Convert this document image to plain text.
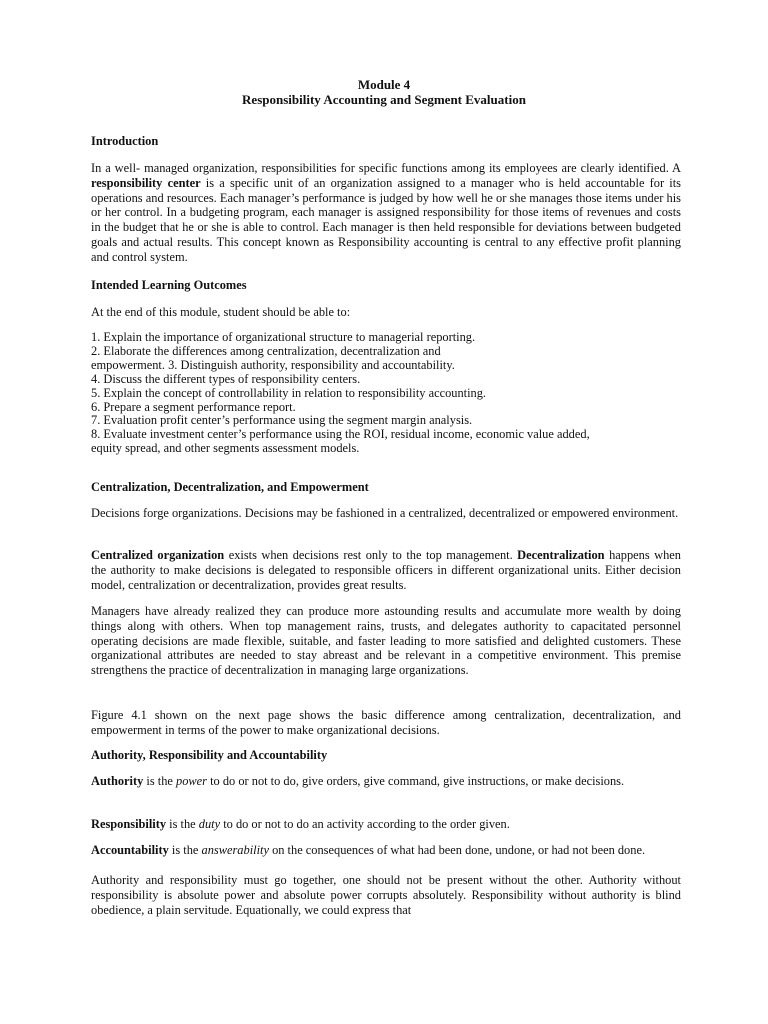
Module 4
Responsibility Accounting and Segment Evaluation
Introduction
In a well- managed organization, responsibilities for specific functions among its employees are clearly identified. A responsibility center is a specific unit of an organization assigned to a manager who is held accountable for its operations and resources. Each manager’s performance is judged by how well he or she manages those items under his or her control. In a budgeting program, each manager is assigned responsibility for those items of revenues and costs in the budget that he or she is able to control. Each manager is then held responsible for deviations between budgeted goals and actual results. This concept known as Responsibility accounting is central to any effective profit planning and control system.
Intended Learning Outcomes
At the end of this module, student should be able to:
1. Explain the importance of organizational structure to managerial reporting.
2. Elaborate the differences among centralization, decentralization and
empowerment. 3. Distinguish authority, responsibility and accountability.
4. Discuss the different types of responsibility centers.
5. Explain the concept of controllability in relation to responsibility accounting.
6. Prepare a segment performance report.
7. Evaluation profit center’s performance using the segment margin analysis.
8. Evaluate investment center’s performance using the ROI, residual income, economic value added,
equity spread, and other segments assessment models.
Centralization, Decentralization, and Empowerment
Decisions forge organizations. Decisions may be fashioned in a centralized, decentralized or empowered environment.
Centralized organization exists when decisions rest only to the top management. Decentralization happens when the authority to make decisions is delegated to responsible officers in different organizational units. Either decision model, centralization or decentralization, provides great results.
Managers have already realized they can produce more astounding results and accumulate more wealth by doing things along with others. When top management rains, trusts, and delegates authority to capacitated personnel operating decisions are made flexible, suitable, and faster leading to more satisfied and delighted customers. These organizational attributes are needed to stay abreast and be relevant in a competitive environment. This premise strengthens the practice of decentralization in managing large organizations.
Figure 4.1 shown on the next page shows the basic difference among centralization, decentralization, and empowerment in terms of the power to make organizational decisions.
Authority, Responsibility and Accountability
Authority is the power to do or not to do, give orders, give command, give instructions, or make decisions.
Responsibility is the duty to do or not to do an activity according to the order given.
Accountability is the answerability on the consequences of what had been done, undone, or had not been done.
Authority and responsibility must go together, one should not be present without the other. Authority without responsibility is absolute power and absolute power corrupts absolutely. Responsibility without authority is blind obedience, a plain servitude. Equationally, we could express that
